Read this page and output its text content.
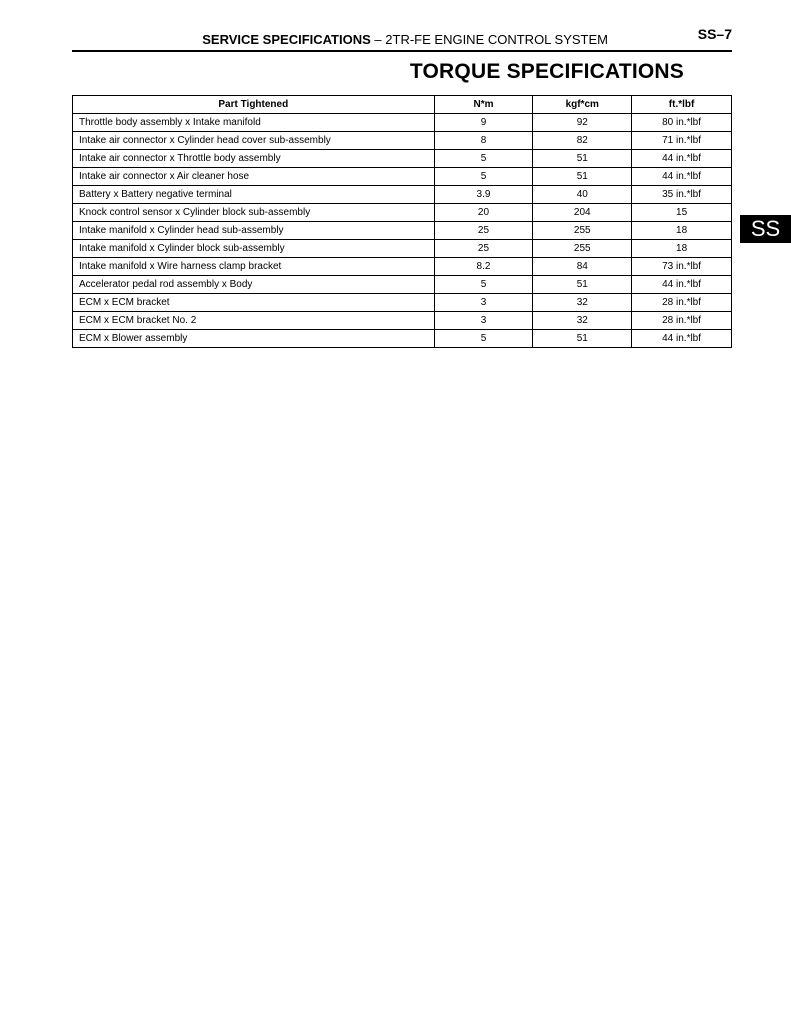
SERVICE SPECIFICATIONS – 2TR-FE ENGINE CONTROL SYSTEM	SS–7
TORQUE SPECIFICATIONS
Part Tightened	N*m	kgf*cm	ft.*lbf
Throttle body assembly x Intake manifold	9	92	80 in.*lbf
Intake air connector x Cylinder head cover sub-assembly	8	82	71 in.*lbf
Intake air connector x Throttle body assembly	5	51	44 in.*lbf
Intake air connector x Air cleaner hose	5	51	44 in.*lbf
Battery x Battery negative terminal	3.9	40	35 in.*lbf
Knock control sensor x Cylinder block sub-assembly	20	204	15
Intake manifold x Cylinder head sub-assembly	25	255	18
Intake manifold x Cylinder block sub-assembly	25	255	18
Intake manifold x Wire harness clamp bracket	8.2	84	73 in.*lbf
Accelerator pedal rod assembly x Body	5	51	44 in.*lbf
ECM x ECM bracket	3	32	28 in.*lbf
ECM x ECM bracket No. 2	3	32	28 in.*lbf
ECM x Blower assembly	5	51	44 in.*lbf
SS
